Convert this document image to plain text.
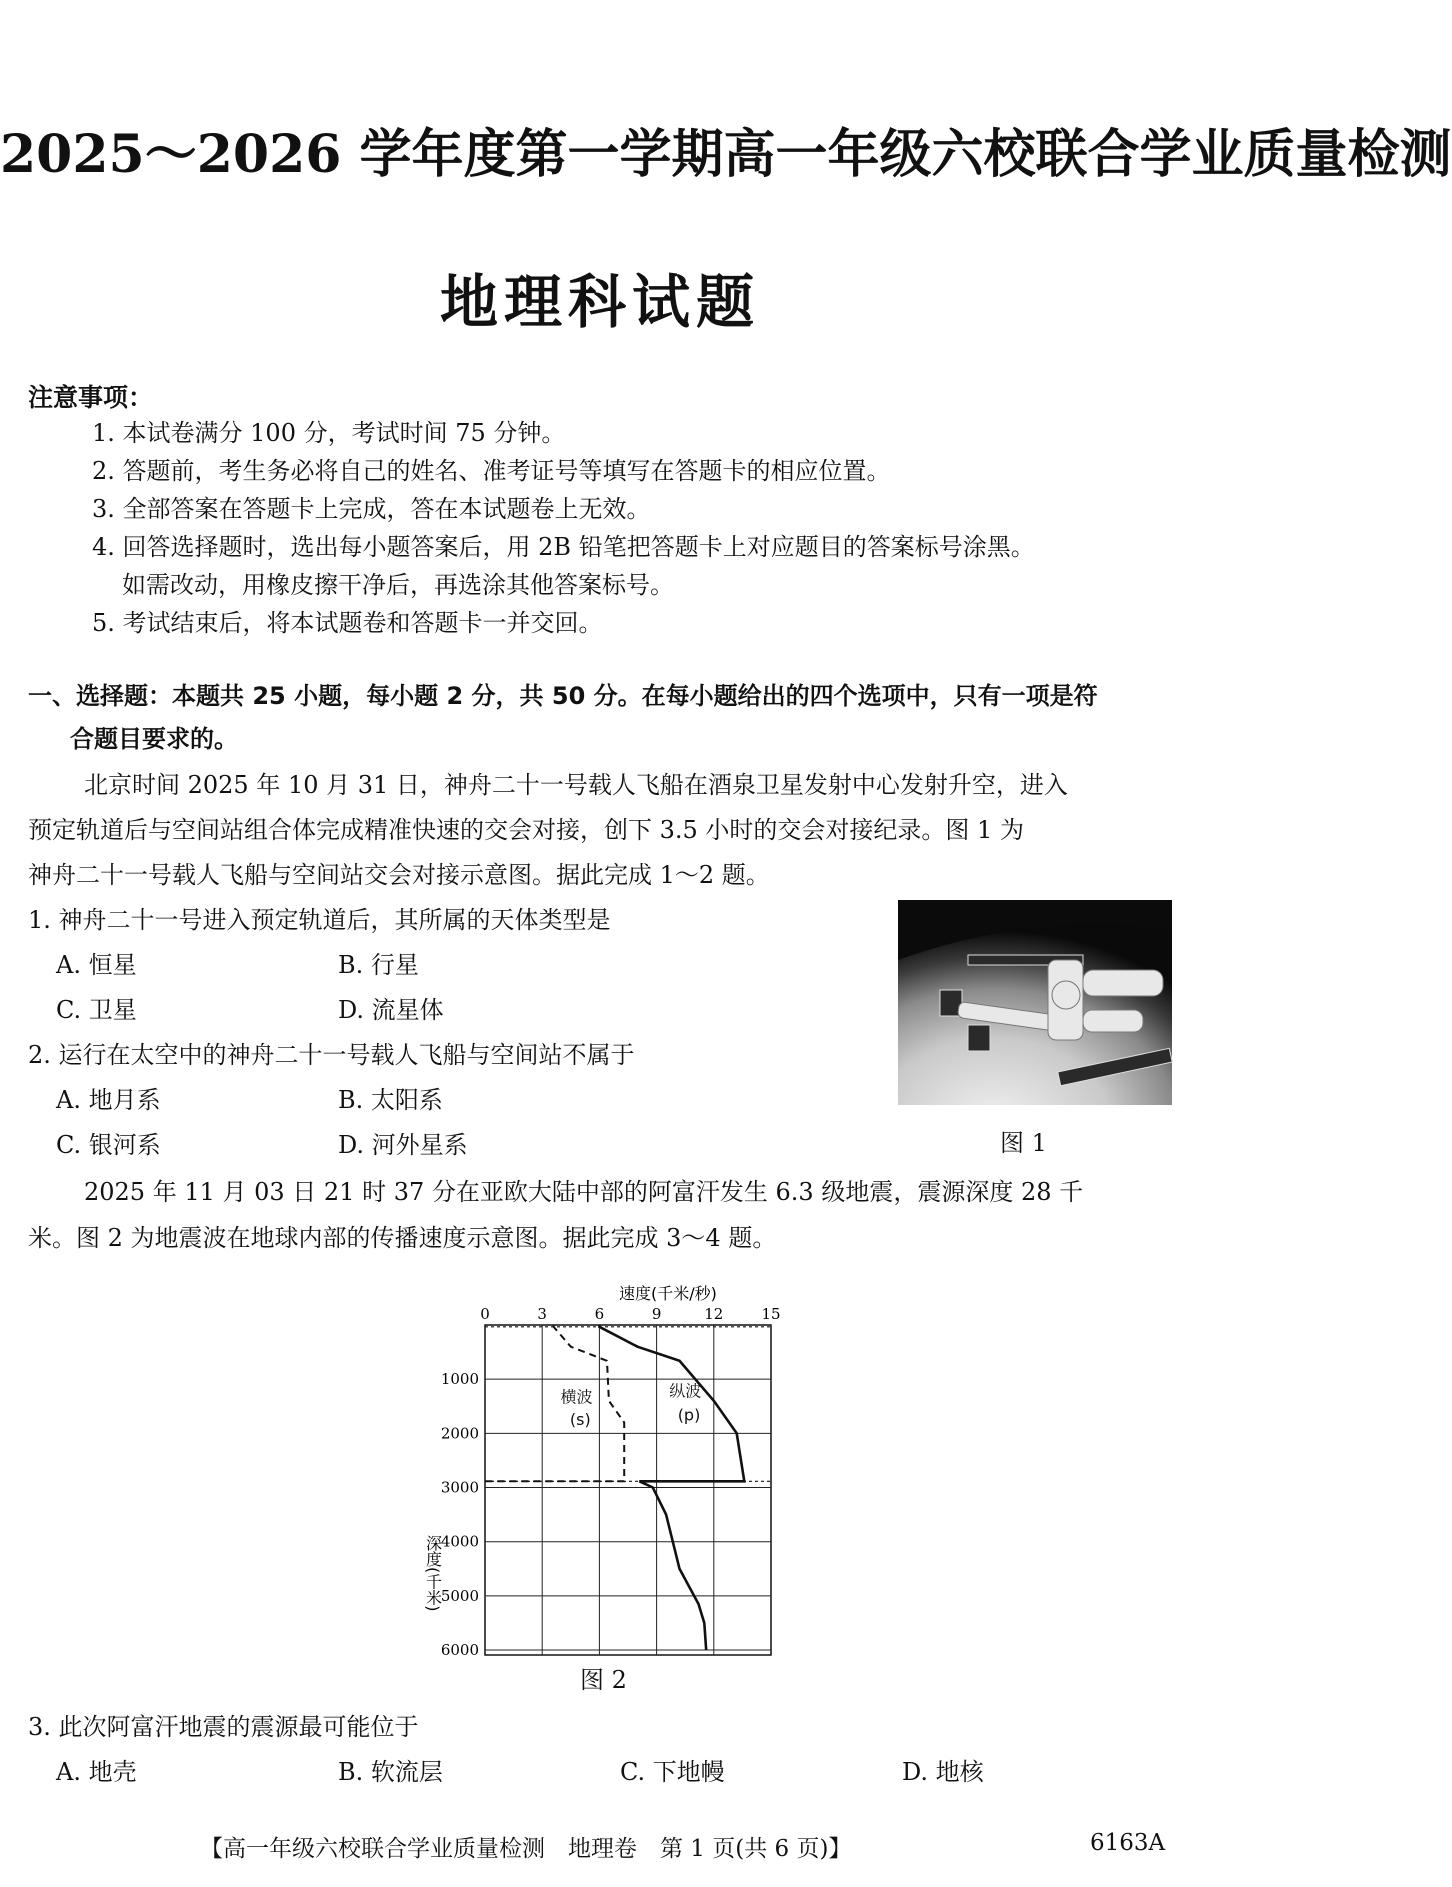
2025～2026 学年度第一学期高一年级六校联合学业质量检测
地理科试题
注意事项：
1. 本试卷满分 100 分，考试时间 75 分钟。
2. 答题前，考生务必将自己的姓名、准考证号等填写在答题卡的相应位置。
3. 全部答案在答题卡上完成，答在本试题卷上无效。
4. 回答选择题时，选出每小题答案后，用 2B 铅笔把答题卡上对应题目的答案标号涂黑。
如需改动，用橡皮擦干净后，再选涂其他答案标号。
5. 考试结束后，将本试题卷和答题卡一并交回。
一、选择题：本题共 25 小题，每小题 2 分，共 50 分。在每小题给出的四个选项中，只有一项是符
合题目要求的。
北京时间 2025 年 10 月 31 日，神舟二十一号载人飞船在酒泉卫星发射中心发射升空，进入
预定轨道后与空间站组合体完成精准快速的交会对接，创下 3.5 小时的交会对接纪录。图 1 为
神舟二十一号载人飞船与空间站交会对接示意图。据此完成 1～2 题。
1. 神舟二十一号进入预定轨道后，其所属的天体类型是
A. 恒星	B. 行星
C. 卫星	D. 流星体
2. 运行在太空中的神舟二十一号载人飞船与空间站不属于
A. 地月系	B. 太阳系
C. 银河系	D. 河外星系	图 1
2025 年 11 月 03 日 21 时 37 分在亚欧大陆中部的阿富汗发生 6.3 级地震，震源深度 28 千
米。图 2 为地震波在地球内部的传播速度示意图。据此完成 3～4 题。
0	3	6	9	12	15
1000
2000
3000
4000
5000
6000
速度(千米/秒)
深度(千米)
横波
(s)
纵波
(p)
图 2
3. 此次阿富汗地震的震源最可能位于
A. 地壳	B. 软流层	C. 下地幔	D. 地核
【高一年级六校联合学业质量检测　地理卷　第 1 页(共 6 页)】	6163A
